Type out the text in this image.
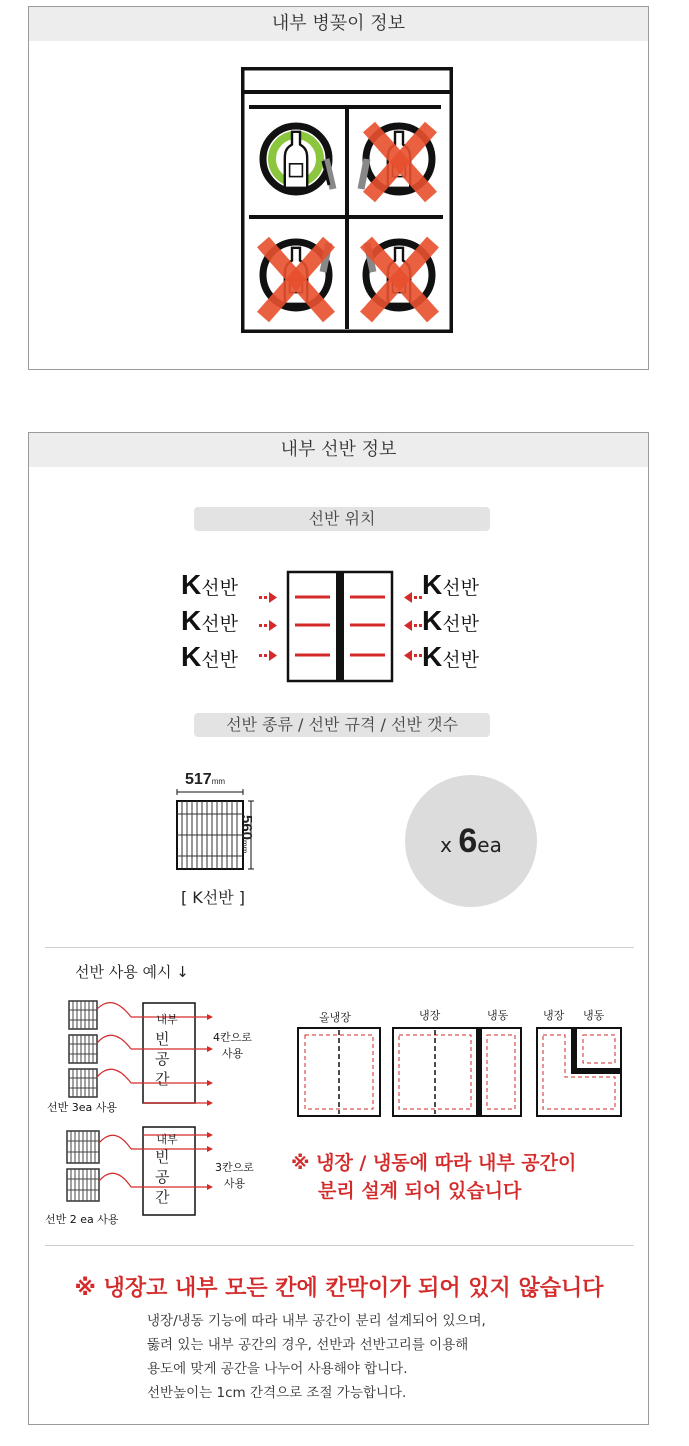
내부 병꽂이 정보
내부 선반 정보
선반 위치
K선반
K선반
K선반
K선반
K선반
K선반
선반 종류 / 선반 규격 / 선반 갯수
517mm
560mm
[ K선반 ]
x 6ea
선반 사용 예시 ↓
내부
빈
공
간
4칸으로
사용
선반 3ea 사용
내부
빈
공
간
3칸으로
사용
선반 2 ea 사용
올냉장	냉장	냉동	냉장 냉동
※ 냉장 / 냉동에 따라 내부 공간이
분리 설계 되어 있습니다
※ 냉장고 내부 모든 칸에 칸막이가 되어 있지 않습니다
냉장/냉동 기능에 따라 내부 공간이 분리 설계되어 있으며,
뚫려 있는 내부 공간의 경우, 선반과 선반고리를 이용해
용도에 맞게 공간을 나누어 사용해야 합니다.
선반높이는 1cm 간격으로 조절 가능합니다.
